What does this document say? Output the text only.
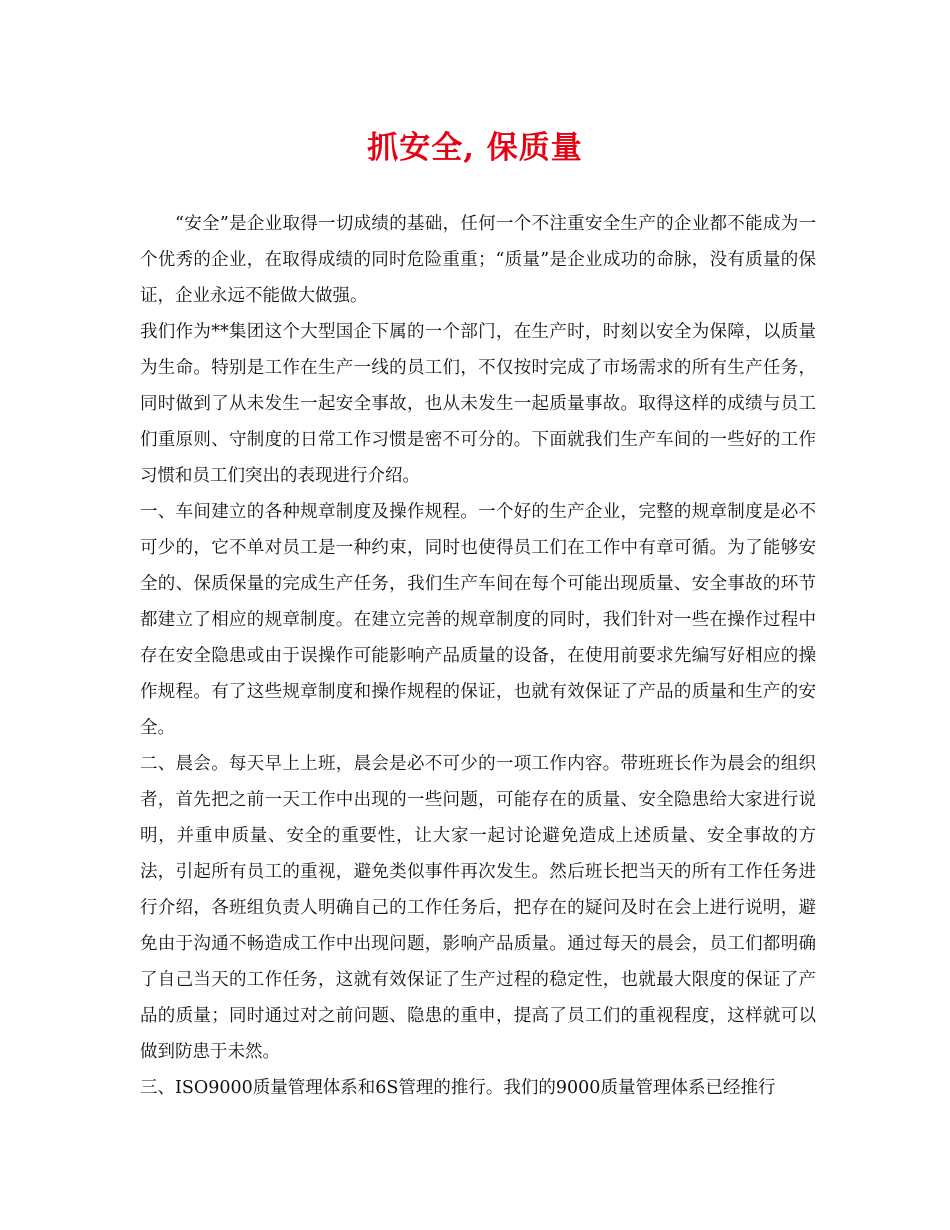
抓安全, 保质量

“安全”是企业取得一切成绩的基础，任何一个不注重安全生产的企业都不能成为一个优秀的企业，在取得成绩的同时危险重重；“质量”是企业成功的命脉，没有质量的保证，企业永远不能做大做强。

我们作为**集团这个大型国企下属的一个部门，在生产时，时刻以安全为保障，以质量为生命。特别是工作在生产一线的员工们，不仅按时完成了市场需求的所有生产任务，同时做到了从未发生一起安全事故，也从未发生一起质量事故。取得这样的成绩与员工们重原则、守制度的日常工作习惯是密不可分的。下面就我们生产车间的一些好的工作习惯和员工们突出的表现进行介绍。

一、车间建立的各种规章制度及操作规程。一个好的生产企业，完整的规章制度是必不可少的，它不单对员工是一种约束，同时也使得员工们在工作中有章可循。为了能够安全的、保质保量的完成生产任务，我们生产车间在每个可能出现质量、安全事故的环节都建立了相应的规章制度。在建立完善的规章制度的同时，我们针对一些在操作过程中存在安全隐患或由于误操作可能影响产品质量的设备，在使用前要求先编写好相应的操作规程。有了这些规章制度和操作规程的保证，也就有效保证了产品的质量和生产的安全。

二、晨会。每天早上上班，晨会是必不可少的一项工作内容。带班班长作为晨会的组织者，首先把之前一天工作中出现的一些问题，可能存在的质量、安全隐患给大家进行说明，并重申质量、安全的重要性，让大家一起讨论避免造成上述质量、安全事故的方法，引起所有员工的重视，避免类似事件再次发生。然后班长把当天的所有工作任务进行介绍，各班组负责人明确自己的工作任务后，把存在的疑问及时在会上进行说明，避免由于沟通不畅造成工作中出现问题，影响产品质量。通过每天的晨会，员工们都明确了自己当天的工作任务，这就有效保证了生产过程的稳定性，也就最大限度的保证了产品的质量；同时通过对之前问题、隐患的重申，提高了员工们的重视程度，这样就可以做到防患于未然。

三、ISO9000质量管理体系和6S管理的推行。我们的9000质量管理体系已经推行
